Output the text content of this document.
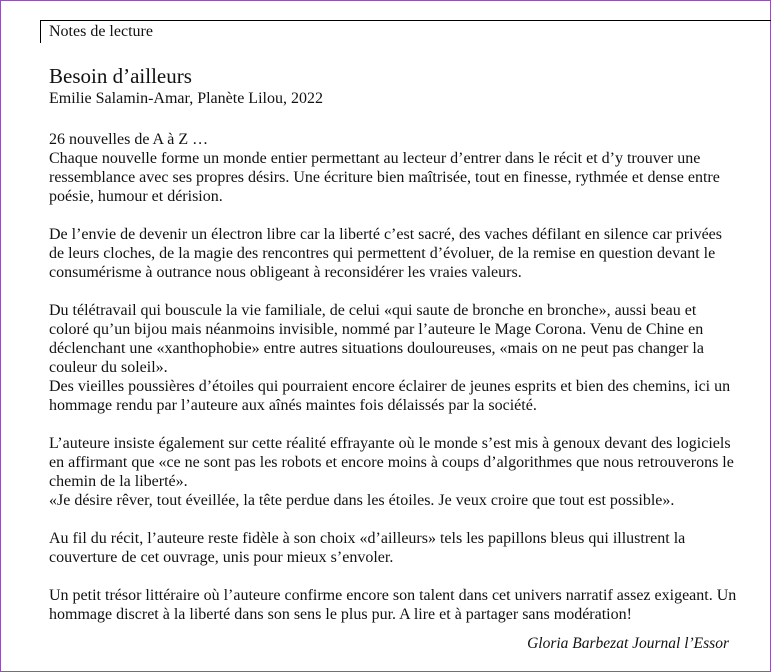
Notes de lecture
Besoin d’ailleurs
Emilie Salamin-Amar, Planète Lilou, 2022

26 nouvelles de A à Z …

Chaque nouvelle forme un monde entier permettant au lecteur d’entrer dans le récit et d’y trouver une ressemblance avec ses propres désirs. Une écriture bien maîtrisée, tout en finesse, rythmée et dense entre poésie, humour et dérision.

De l’envie de devenir un électron libre car la liberté c’est sacré, des vaches défilant en silence car privées de leurs cloches, de la magie des rencontres qui permettent d’évoluer, de la remise en question devant le consumérisme à outrance nous obligeant à reconsidérer les vraies valeurs.

Du télétravail qui bouscule la vie familiale, de celui «qui saute de bronche en bronche», aussi beau et coloré qu’un bijou mais néanmoins invisible, nommé par l’auteure le Mage Corona. Venu de Chine en déclenchant une «xanthophobie» entre autres situations douloureuses, «mais on ne peut pas changer la couleur du soleil».

Des vieilles poussières d’étoiles qui pourraient encore éclairer de jeunes esprits et bien des chemins, ici un hommage rendu par l’auteure aux aînés maintes fois délaissés par la société.

L’auteure insiste également sur cette réalité effrayante où le monde s’est mis à genoux devant des logiciels en affirmant que «ce ne sont pas les robots et encore moins à coups d’algorithmes que nous retrouverons le chemin de la liberté».

«Je désire rêver, tout éveillée, la tête perdue dans les étoiles. Je veux croire que tout est possible».

Au fil du récit, l’auteure reste fidèle à son choix «d’ailleurs» tels les papillons bleus qui illustrent la couverture de cet ouvrage, unis pour mieux s’envoler.

Un petit trésor littéraire où l’auteure confirme encore son talent dans cet univers narratif assez exigeant. Un hommage discret à la liberté dans son sens le plus pur. A lire et à partager sans modération!

Gloria Barbezat Journal l’Essor
